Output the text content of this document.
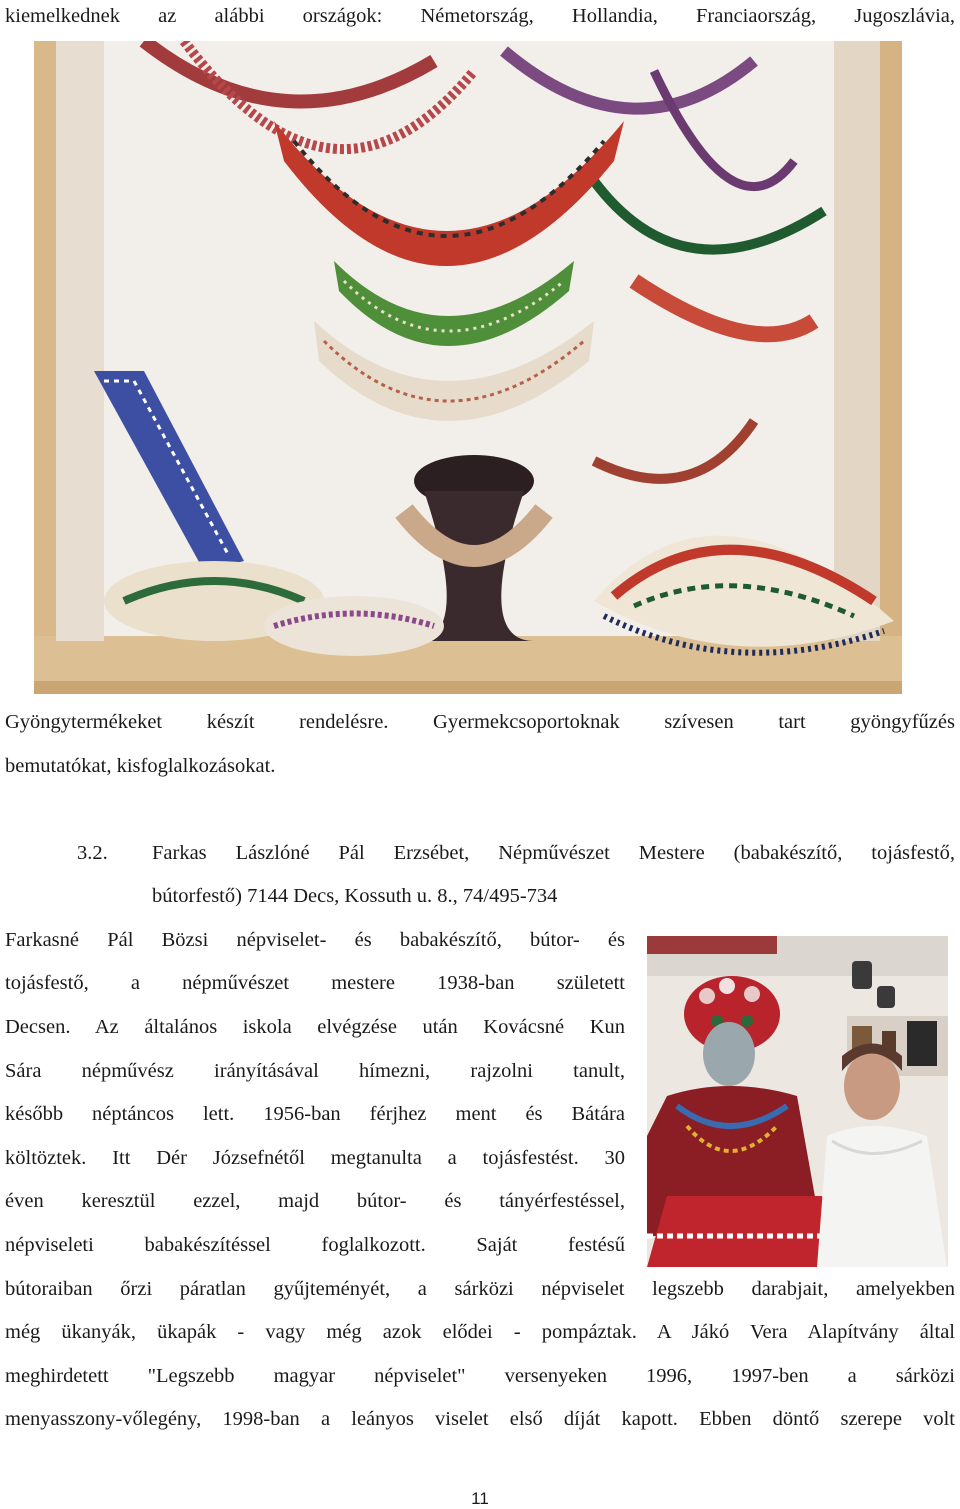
kiemelkednek az alábbi országok: Németország, Hollandia, Franciaország, Jugoszlávia,
Gyöngytermékeket készít rendelésre. Gyermekcsoportoknak szívesen tart gyöngyfűzés
bemutatókat, kisfoglalkozásokat.
3.2. Farkas Lászlóné Pál Erzsébet, Népművészet Mestere (babakészítő, tojásfestő,
bútorfestő) 7144 Decs, Kossuth u. 8., 74/495-734
Farkasné Pál Bözsi népviselet- és babakészítő, bútor- és
tojásfestő, a népművészet mestere 1938-ban született
Decsen. Az általános iskola elvégzése után Kovácsné Kun
Sára népművész irányításával hímezni, rajzolni tanult,
később néptáncos lett. 1956-ban férjhez ment és Bátára
költöztek. Itt Dér Józsefnétől megtanulta a tojásfestést. 30
éven keresztül ezzel, majd bútor- és tányérfestéssel,
népviseleti babakészítéssel foglalkozott. Saját festésű
bútoraiban őrzi páratlan gyűjteményét, a sárközi népviselet legszebb darabjait, amelyekben
még ükanyák, ükapák - vagy még azok elődei - pompáztak. A Jákó Vera Alapítvány által
meghirdetett "Legszebb magyar népviselet" versenyeken 1996, 1997-ben a sárközi
menyasszony-vőlegény, 1998-ban a leányos viselet első díját kapott. Ebben döntő szerepe volt
11
